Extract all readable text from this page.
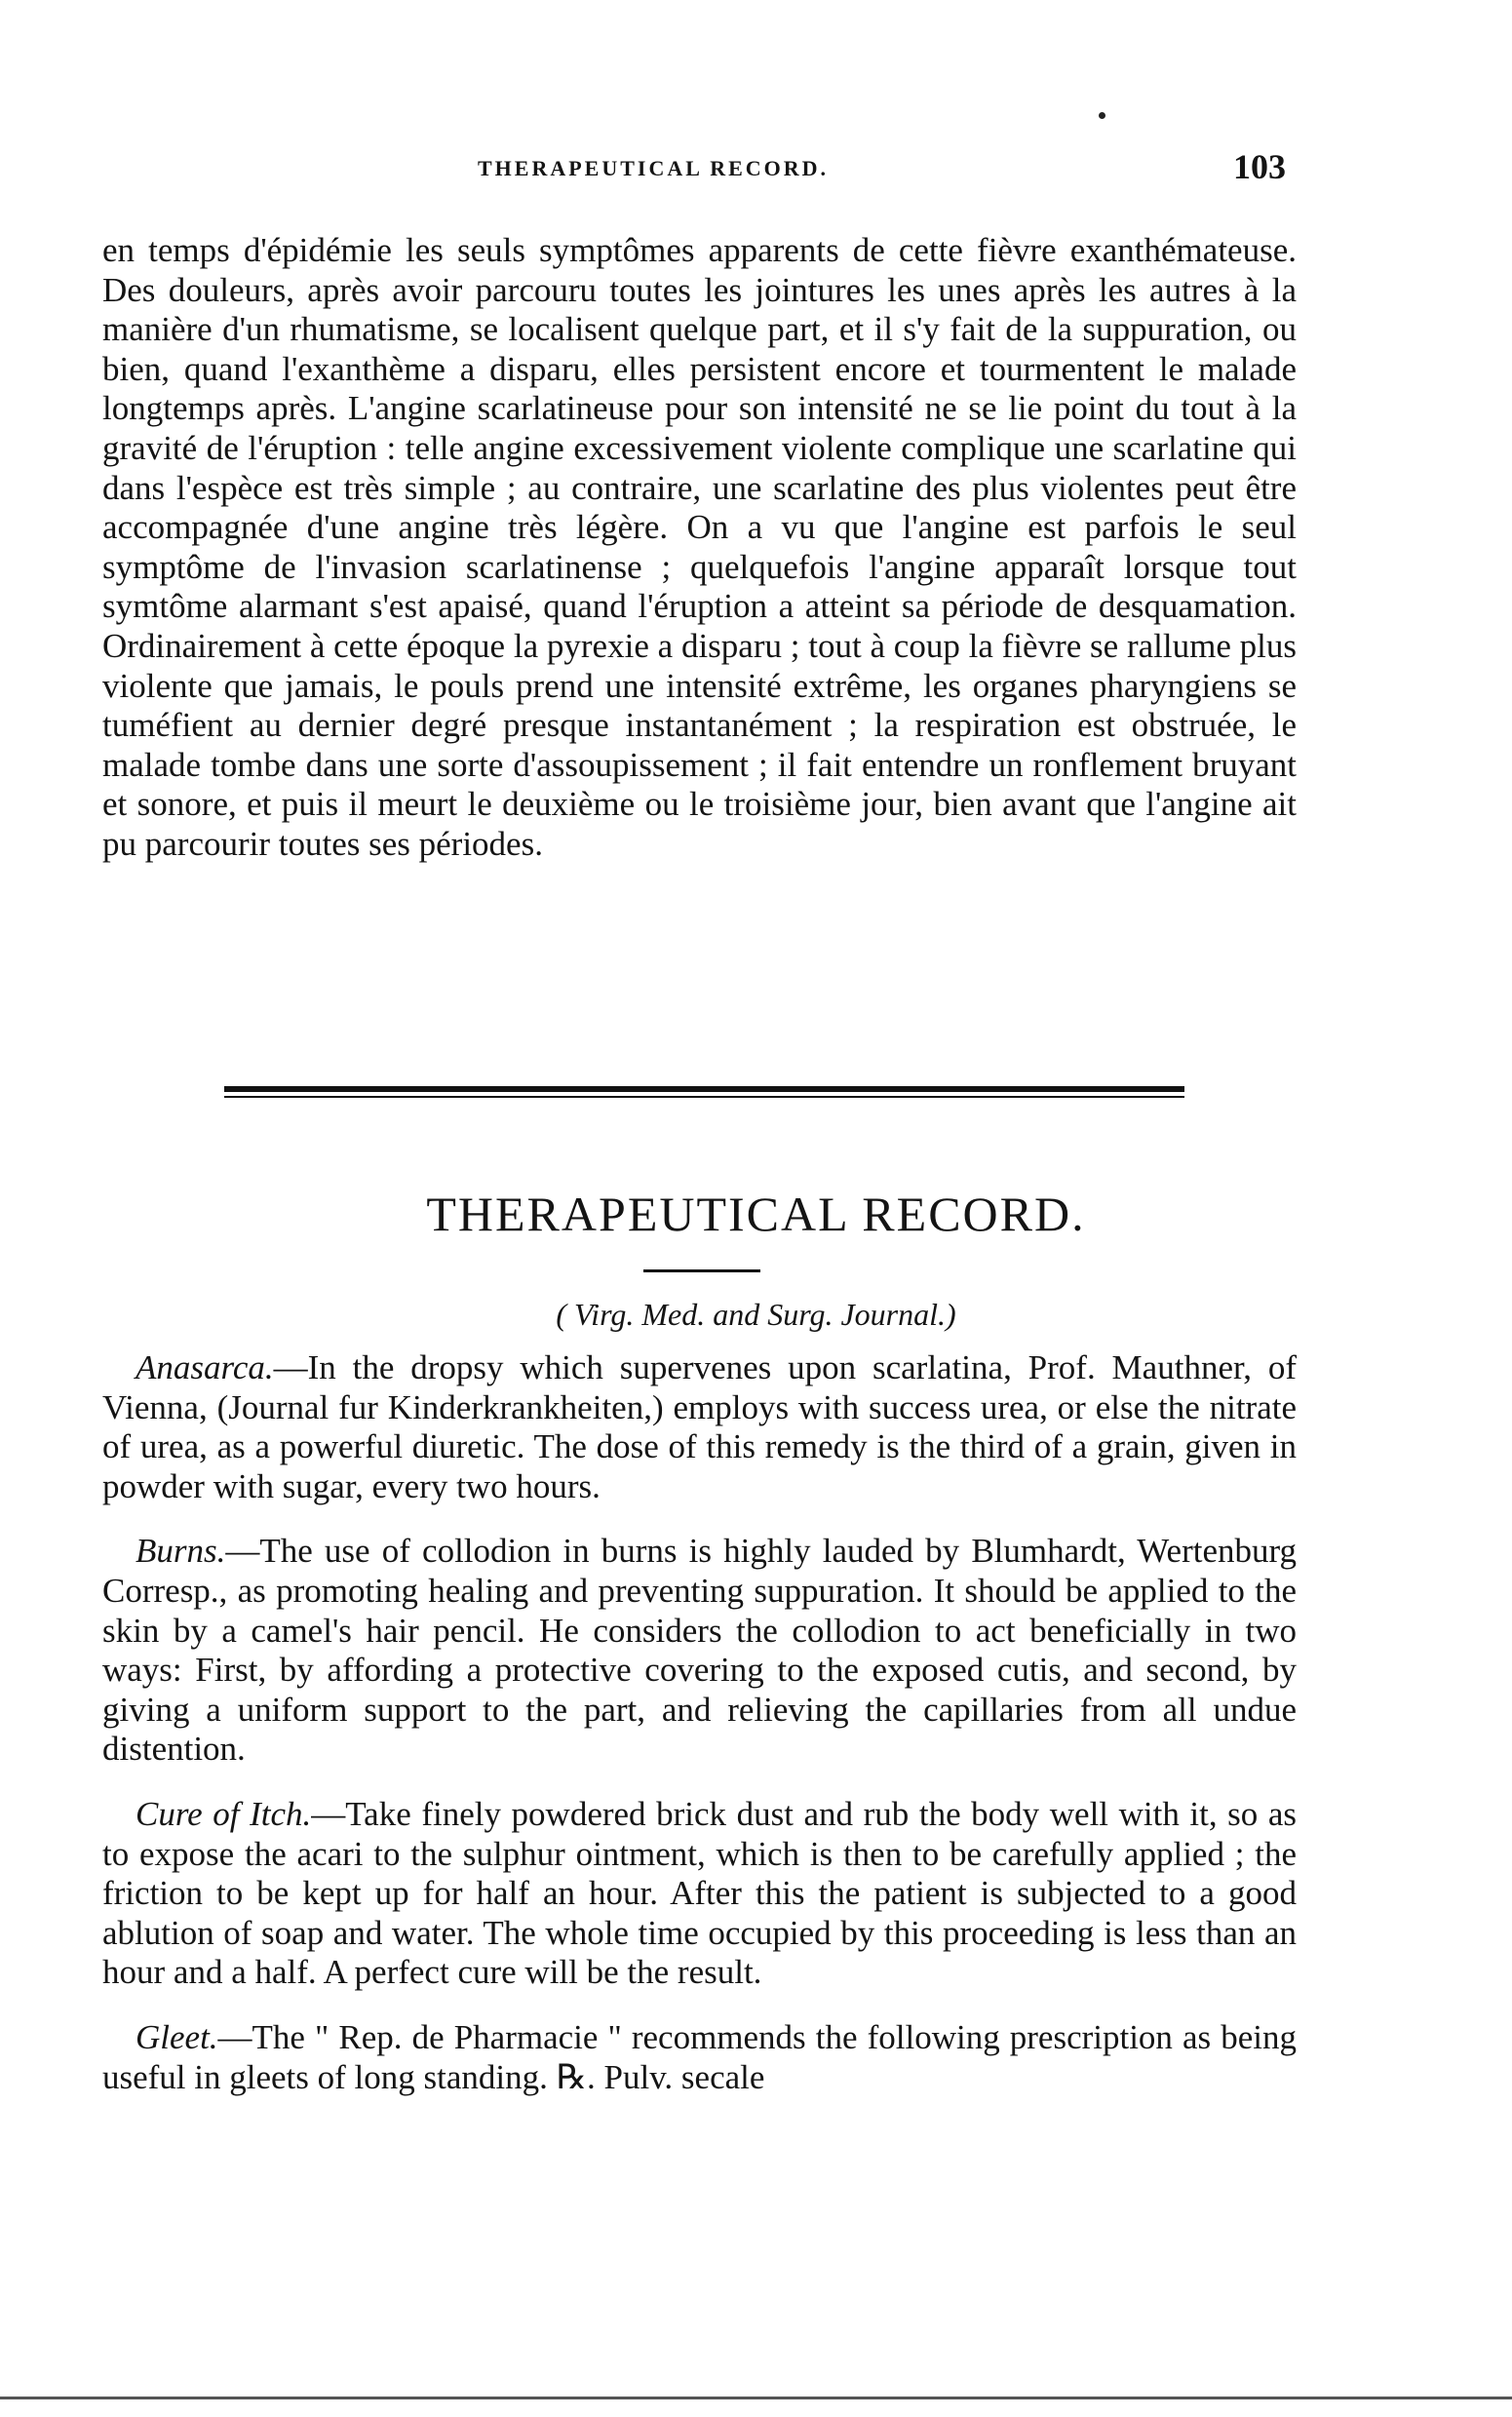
THERAPEUTICAL RECORD.	103

en temps d'épidémie les seuls symptômes apparents de cette fièvre exanthémateuse. Des douleurs, après avoir parcouru toutes les jointures les unes après les autres à la manière d'un rhumatisme, se localisent quelque part, et il s'y fait de la suppuration, ou bien, quand l'exanthème a disparu, elles persistent encore et tourmentent le malade longtemps après. L'angine scarlatineuse pour son intensité ne se lie point du tout à la gravité de l'éruption : telle angine excessivement violente complique une scarlatine qui dans l'espèce est très simple ; au contraire, une scarlatine des plus violentes peut être accompagnée d'une angine très légère. On a vu que l'angine est parfois le seul symptôme de l'invasion scarlatinense ; quelquefois l'angine apparaît lorsque tout symtôme alarmant s'est apaisé, quand l'éruption a atteint sa période de desquamation. Ordinairement à cette époque la pyrexie a disparu ; tout à coup la fièvre se rallume plus violente que jamais, le pouls prend une intensité extrême, les organes pharyngiens se tuméfient au dernier degré presque instantanément ; la respiration est obstruée, le malade tombe dans une sorte d'assoupissement ; il fait entendre un ronflement bruyant et sonore, et puis il meurt le deuxième ou le troisième jour, bien avant que l'angine ait pu parcourir toutes ses périodes.

THERAPEUTICAL RECORD.
( Virg. Med. and Surg. Journal.)

Anasarca.—In the dropsy which supervenes upon scarlatina, Prof. Mauthner, of Vienna, (Journal fur Kinderkrankheiten,) employs with success urea, or else the nitrate of urea, as a powerful diuretic. The dose of this remedy is the third of a grain, given in powder with sugar, every two hours.

Burns.—The use of collodion in burns is highly lauded by Blumhardt, Wertenburg Corresp., as promoting healing and preventing suppuration. It should be applied to the skin by a camel's hair pencil. He considers the collodion to act beneficially in two ways: First, by affording a protective covering to the exposed cutis, and second, by giving a uniform support to the part, and relieving the capillaries from all undue distention.

Cure of Itch.—Take finely powdered brick dust and rub the body well with it, so as to expose the acari to the sulphur ointment, which is then to be carefully applied ; the friction to be kept up for half an hour. After this the patient is subjected to a good ablution of soap and water. The whole time occupied by this proceeding is less than an hour and a half. A perfect cure will be the result.

Gleet.—The " Rep. de Pharmacie " recommends the following prescription as being useful in gleets of long standing. ℞. Pulv. secale
